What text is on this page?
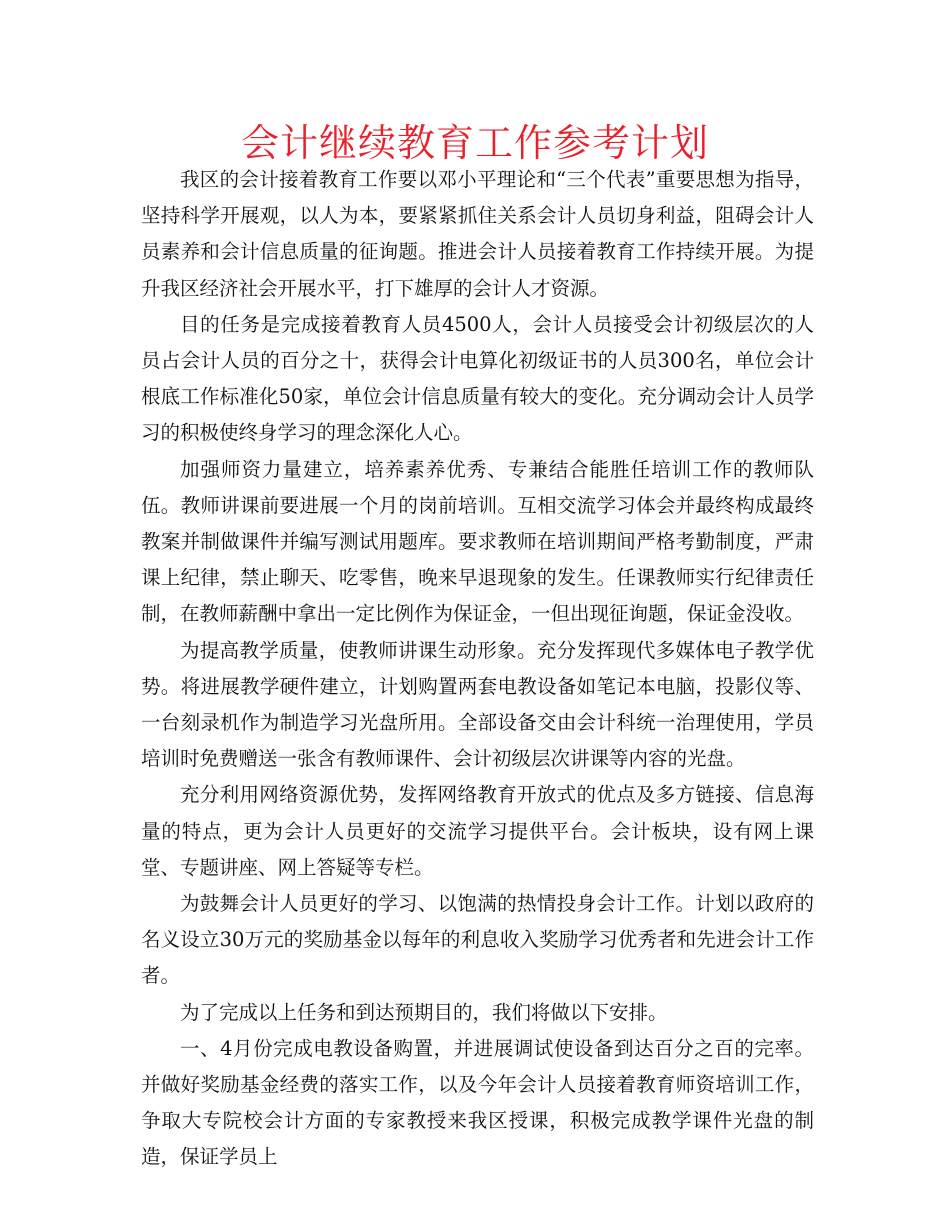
会计继续教育工作参考计划

我区的会计接着教育工作要以邓小平理论和“三个代表”重要思想为指导，坚持科学开展观，以人为本，要紧紧抓住关系会计人员切身利益，阻碍会计人员素养和会计信息质量的征询题。推进会计人员接着教育工作持续开展。为提升我区经济社会开展水平，打下雄厚的会计人才资源。

目的任务是完成接着教育人员4500人，会计人员接受会计初级层次的人员占会计人员的百分之十，获得会计电算化初级证书的人员300名，单位会计根底工作标准化50家，单位会计信息质量有较大的变化。充分调动会计人员学习的积极使终身学习的理念深化人心。

加强师资力量建立，培养素养优秀、专兼结合能胜任培训工作的教师队伍。教师讲课前要进展一个月的岗前培训。互相交流学习体会并最终构成最终教案并制做课件并编写测试用题库。要求教师在培训期间严格考勤制度，严肃课上纪律，禁止聊天、吃零售，晚来早退现象的发生。任课教师实行纪律责任制，在教师薪酬中拿出一定比例作为保证金，一但出现征询题，保证金没收。

为提高教学质量，使教师讲课生动形象。充分发挥现代多媒体电子教学优势。将进展教学硬件建立，计划购置两套电教设备如笔记本电脑，投影仪等、一台刻录机作为制造学习光盘所用。全部设备交由会计科统一治理使用，学员培训时免费赠送一张含有教师课件、会计初级层次讲课等内容的光盘。

充分利用网络资源优势，发挥网络教育开放式的优点及多方链接、信息海量的特点，更为会计人员更好的交流学习提供平台。会计板块，设有网上课堂、专题讲座、网上答疑等专栏。

为鼓舞会计人员更好的学习、以饱满的热情投身会计工作。计划以政府的名义设立30万元的奖励基金以每年的利息收入奖励学习优秀者和先进会计工作者。

为了完成以上任务和到达预期目的，我们将做以下安排。

一、4月份完成电教设备购置，并进展调试使设备到达百分之百的完率。并做好奖励基金经费的落实工作，以及今年会计人员接着教育师资培训工作，争取大专院校会计方面的专家教授来我区授课，积极完成教学课件光盘的制造，保证学员上
